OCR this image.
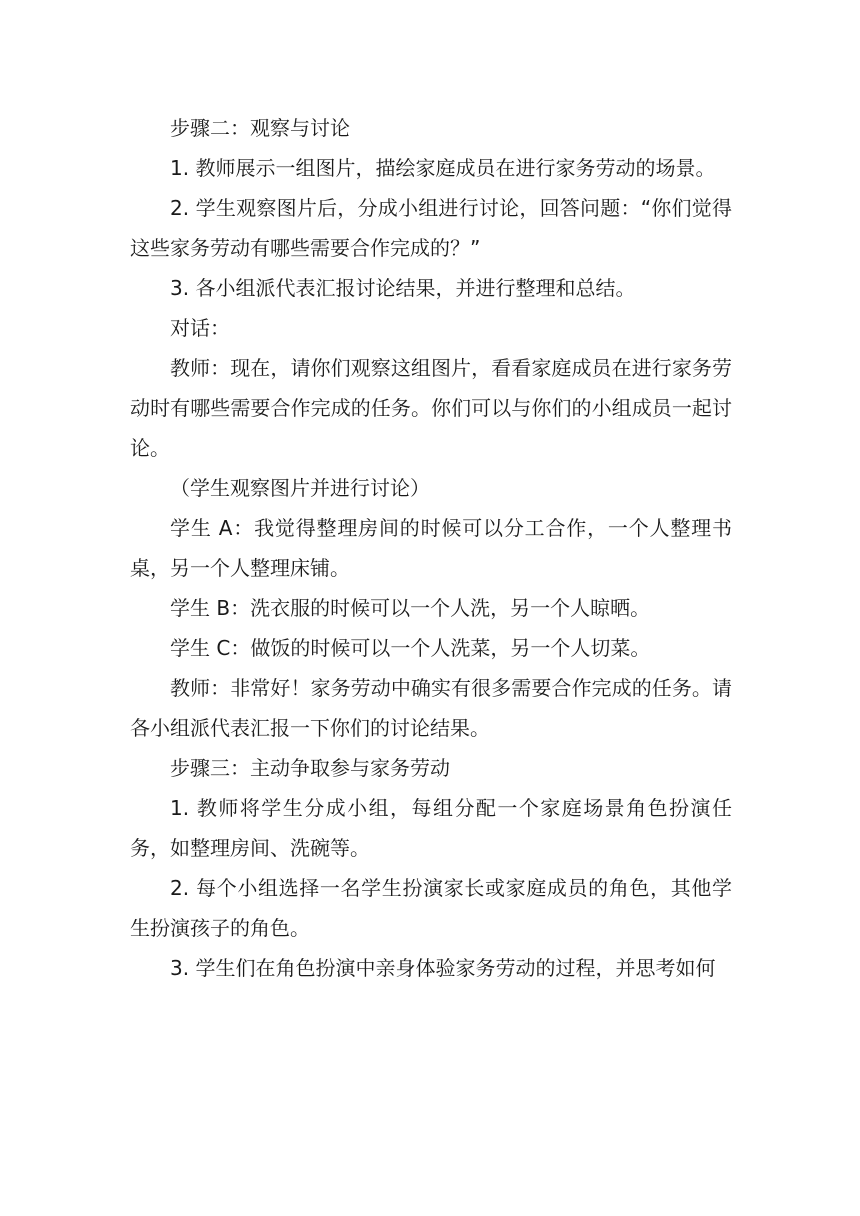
步骤二：观察与讨论

1. 教师展示一组图片，描绘家庭成员在进行家务劳动的场景。

2. 学生观察图片后，分成小组进行讨论，回答问题：“你们觉得这些家务劳动有哪些需要合作完成的？”

3. 各小组派代表汇报讨论结果，并进行整理和总结。

对话：

教师：现在，请你们观察这组图片，看看家庭成员在进行家务劳动时有哪些需要合作完成的任务。你们可以与你们的小组成员一起讨论。

（学生观察图片并进行讨论）

学生 A：我觉得整理房间的时候可以分工合作，一个人整理书桌，另一个人整理床铺。

学生 B：洗衣服的时候可以一个人洗，另一个人晾晒。

学生 C：做饭的时候可以一个人洗菜，另一个人切菜。

教师：非常好！家务劳动中确实有很多需要合作完成的任务。请各小组派代表汇报一下你们的讨论结果。

步骤三：主动争取参与家务劳动

1. 教师将学生分成小组，每组分配一个家庭场景角色扮演任务，如整理房间、洗碗等。

2. 每个小组选择一名学生扮演家长或家庭成员的角色，其他学生扮演孩子的角色。

3. 学生们在角色扮演中亲身体验家务劳动的过程，并思考如何
